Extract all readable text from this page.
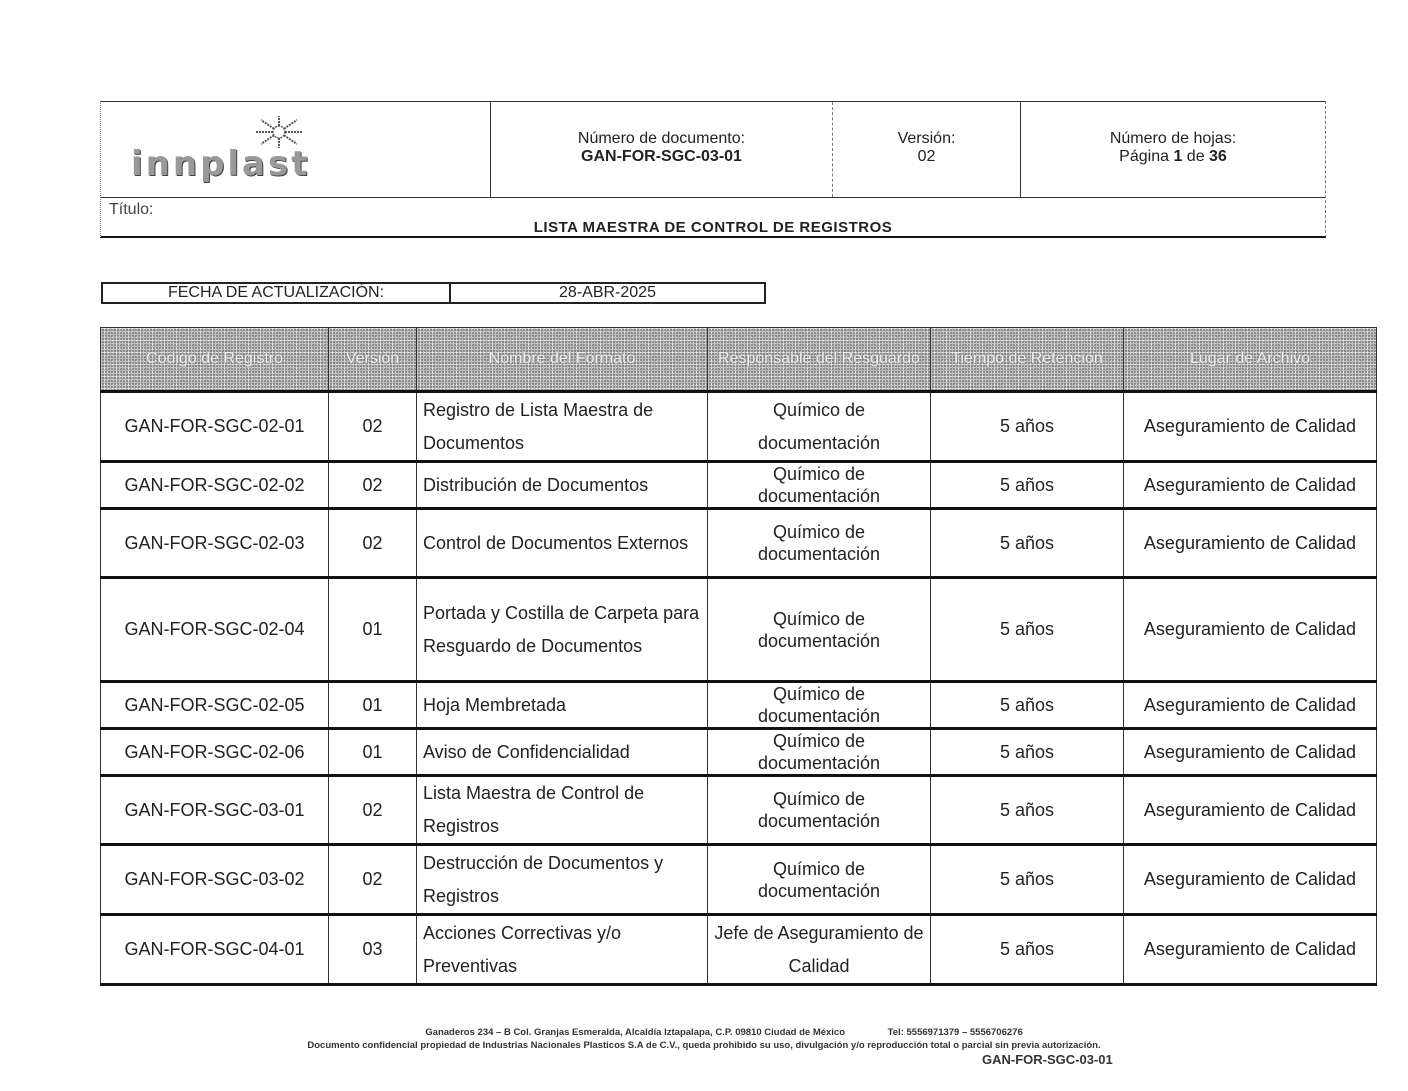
innplast
Número de documento:
GAN-FOR-SGC-03-01
Versión:
02
Número de hojas:
Página 1 de 36
Título:
LISTA MAESTRA DE CONTROL DE REGISTROS
FECHA DE ACTUALIZACIÓN:	28-ABR-2025
Código de Registro	Versión	Nombre del Formato	Responsable del Resguardo	Tiempo de Retención	Lugar de Archivo
GAN-FOR-SGC-02-01	02	Registro de Lista Maestra de Documentos	Químico de documentación	5 años	Aseguramiento de Calidad
GAN-FOR-SGC-02-02	02	Distribución de Documentos	Químico de documentación	5 años	Aseguramiento de Calidad
GAN-FOR-SGC-02-03	02	Control de Documentos Externos	Químico de documentación	5 años	Aseguramiento de Calidad
GAN-FOR-SGC-02-04	01	Portada y Costilla de Carpeta para Resguardo de Documentos	Químico de documentación	5 años	Aseguramiento de Calidad
GAN-FOR-SGC-02-05	01	Hoja Membretada	Químico de documentación	5 años	Aseguramiento de Calidad
GAN-FOR-SGC-02-06	01	Aviso de Confidencialidad	Químico de documentación	5 años	Aseguramiento de Calidad
GAN-FOR-SGC-03-01	02	Lista Maestra de Control de Registros	Químico de documentación	5 años	Aseguramiento de Calidad
GAN-FOR-SGC-03-02	02	Destrucción de Documentos y Registros	Químico de documentación	5 años	Aseguramiento de Calidad
GAN-FOR-SGC-04-01	03	Acciones Correctivas y/o Preventivas	Jefe de Aseguramiento de Calidad	5 años	Aseguramiento de Calidad
Ganaderos 234 – B Col. Granjas Esmeralda, Alcaldía Iztapalapa, C.P. 09810 Ciudad de México	Tel: 5556971379 – 5556706276
Documento confidencial propiedad de Industrias Nacionales Plasticos S.A de C.V., queda prohibido su uso, divulgación y/o reproducción total o parcial sin previa autorización.
GAN-FOR-SGC-03-01
